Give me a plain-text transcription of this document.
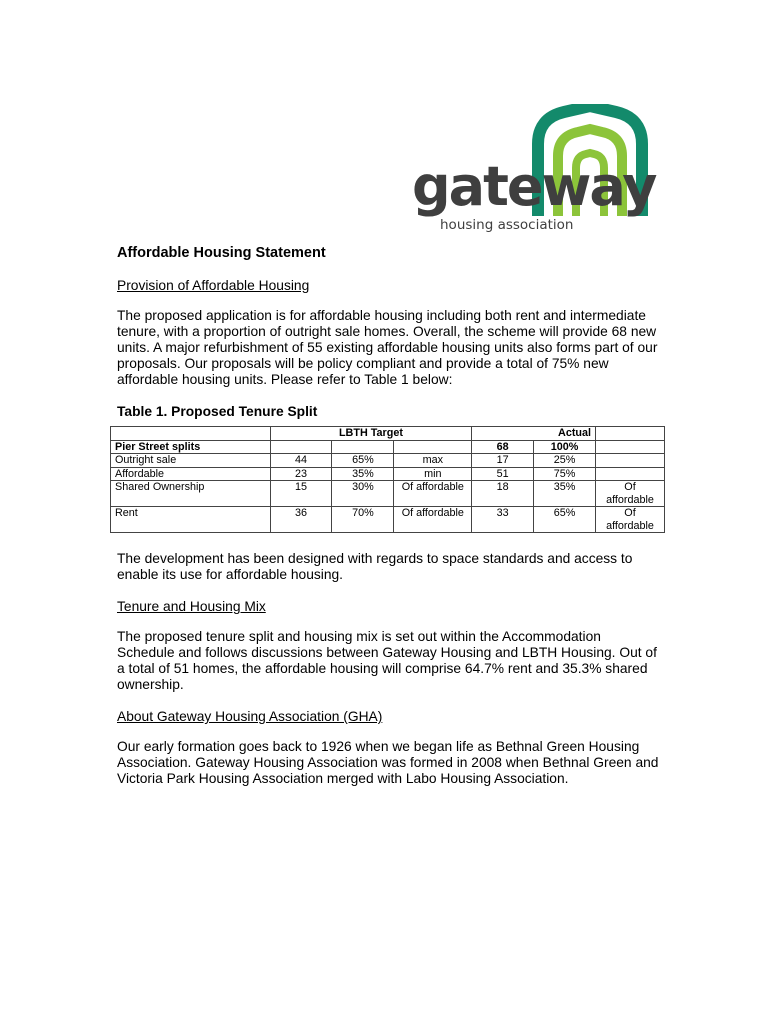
gateway
housing association
Affordable Housing Statement
Provision of Affordable Housing
The proposed application is for affordable housing including both rent and intermediate tenure, with a proportion of outright sale homes. Overall, the scheme will provide 68 new units. A major refurbishment of 55 existing affordable housing units also forms part of our proposals. Our proposals will be policy compliant and provide a total of 75% new affordable housing units. Please refer to Table 1 below:
Table 1. Proposed Tenure Split
	LBTH Target			Actual		
Pier Street splits				68	100%	
Outright sale	44	65%	max	17	25%	
Affordable	23	35%	min	51	75%	
Shared Ownership	15	30%	Of affordable	18	35%	Of affordable
Rent	36	70%	Of affordable	33	65%	Of affordable
The development has been designed with regards to space standards and access to enable its use for affordable housing.
Tenure and Housing Mix
The proposed tenure split and housing mix is set out within the Accommodation Schedule and follows discussions between Gateway Housing and LBTH Housing. Out of a total of 51 homes, the affordable housing will comprise 64.7% rent and 35.3% shared ownership.
About Gateway Housing Association (GHA)
Our early formation goes back to 1926 when we began life as Bethnal Green Housing Association. Gateway Housing Association was formed in 2008 when Bethnal Green and Victoria Park Housing Association merged with Labo Housing Association.
